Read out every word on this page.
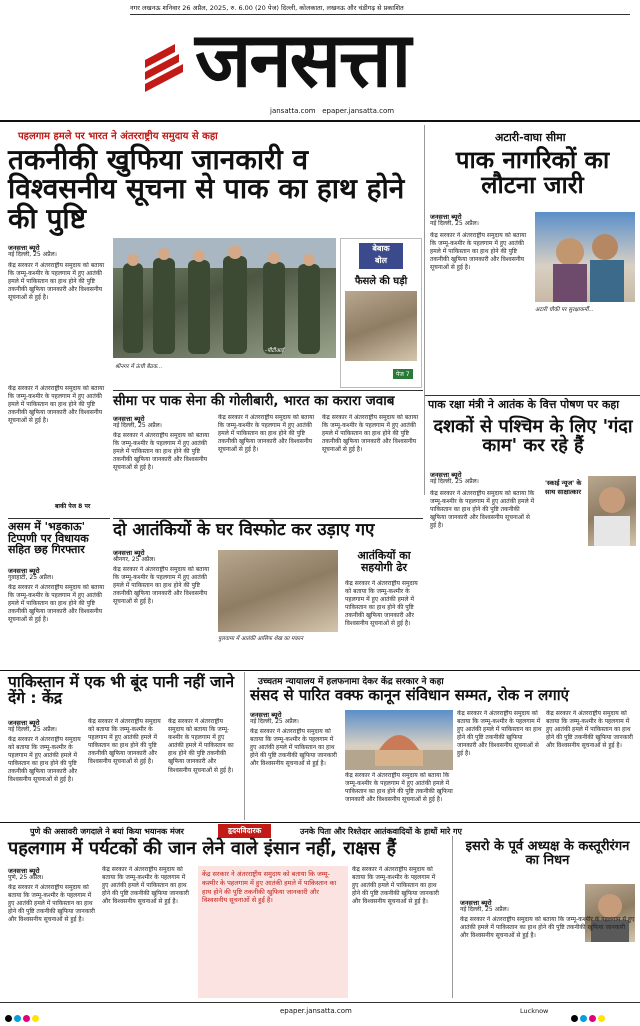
नगर लखनऊ शनिवार 26 अप्रैल, 2025, रु. 6.00 (20 पेज) दिल्ली, कोलकाता, लखनऊ और चंडीगढ़ से प्रकाशित
जनसत्ता
jansatta.com epaper.jansatta.com
पहलगाम हमले पर भारत ने अंतरराष्ट्रीय समुदाय से कहा
तकनीकी खुफिया जानकारी व विश्वसनीय सूचना से पाक का हाथ होने की पुष्टि
जनसत्ता ब्यूरो
नई दिल्ली, 25 अप्रैल।
केंद्र सरकार ने अंतरराष्ट्रीय समुदाय को बताया कि जम्मू-कश्मीर के पहलगाम में हुए आतंकी हमले में पाकिस्तान का हाथ होने की पुष्टि तकनीकी खुफिया जानकारी और विश्वसनीय सूचनाओं से हुई है।
केंद्र सरकार ने अंतरराष्ट्रीय समुदाय को बताया कि जम्मू-कश्मीर के पहलगाम में हुए आतंकी हमले में पाकिस्तान का हाथ होने की पुष्टि तकनीकी खुफिया जानकारी और विश्वसनीय सूचनाओं से हुई है।
बाकी पेज 8 पर
-पीटीआई
श्रीनगर में ऊंची बैठक...
बेबाक
बोल
फैसले की घड़ी
पेज 7
अटारी-वाघा सीमा
पाक नागरिकों का लौटना जारी
जनसत्ता ब्यूरो
नई दिल्ली, 25 अप्रैल।
केंद्र सरकार ने अंतरराष्ट्रीय समुदाय को बताया कि जम्मू-कश्मीर के पहलगाम में हुए आतंकी हमले में पाकिस्तान का हाथ होने की पुष्टि तकनीकी खुफिया जानकारी और विश्वसनीय सूचनाओं से हुई है।
अटारी चौकी पर सुरक्षाकर्मी...
सीमा पर पाक सेना की गोलीबारी, भारत का करारा जवाब
जनसत्ता ब्यूरो
नई दिल्ली, 25 अप्रैल।
केंद्र सरकार ने अंतरराष्ट्रीय समुदाय को बताया कि जम्मू-कश्मीर के पहलगाम में हुए आतंकी हमले में पाकिस्तान का हाथ होने की पुष्टि तकनीकी खुफिया जानकारी और विश्वसनीय सूचनाओं से हुई है।
केंद्र सरकार ने अंतरराष्ट्रीय समुदाय को बताया कि जम्मू-कश्मीर के पहलगाम में हुए आतंकी हमले में पाकिस्तान का हाथ होने की पुष्टि तकनीकी खुफिया जानकारी और विश्वसनीय सूचनाओं से हुई है।
केंद्र सरकार ने अंतरराष्ट्रीय समुदाय को बताया कि जम्मू-कश्मीर के पहलगाम में हुए आतंकी हमले में पाकिस्तान का हाथ होने की पुष्टि तकनीकी खुफिया जानकारी और विश्वसनीय सूचनाओं से हुई है।
पाक रक्षा मंत्री ने आतंक के वित्त पोषण पर कहा
दशकों से पश्चिम के लिए 'गंदा काम' कर रहे हैं
जनसत्ता ब्यूरो
नई दिल्ली, 25 अप्रैल।
केंद्र सरकार ने अंतरराष्ट्रीय समुदाय को बताया कि जम्मू-कश्मीर के पहलगाम में हुए आतंकी हमले में पाकिस्तान का हाथ होने की पुष्टि तकनीकी खुफिया जानकारी और विश्वसनीय सूचनाओं से हुई है।
'स्काई न्यूज' के साथ साक्षात्कार
असम में 'भड़काऊ' टिप्पणी पर विधायक सहित छह गिरफ्तार
जनसत्ता ब्यूरो
गुवाहाटी, 25 अप्रैल।
केंद्र सरकार ने अंतरराष्ट्रीय समुदाय को बताया कि जम्मू-कश्मीर के पहलगाम में हुए आतंकी हमले में पाकिस्तान का हाथ होने की पुष्टि तकनीकी खुफिया जानकारी और विश्वसनीय सूचनाओं से हुई है।
दो आतंकियों के घर विस्फोट कर उड़ाए गए
जनसत्ता ब्यूरो
श्रीनगर, 25 अप्रैल।
केंद्र सरकार ने अंतरराष्ट्रीय समुदाय को बताया कि जम्मू-कश्मीर के पहलगाम में हुए आतंकी हमले में पाकिस्तान का हाथ होने की पुष्टि तकनीकी खुफिया जानकारी और विश्वसनीय सूचनाओं से हुई है।
पुलवामा में आतंकी आसिफ शेख का मकान
आतंकियों का सहयोगी ढेर
केंद्र सरकार ने अंतरराष्ट्रीय समुदाय को बताया कि जम्मू-कश्मीर के पहलगाम में हुए आतंकी हमले में पाकिस्तान का हाथ होने की पुष्टि तकनीकी खुफिया जानकारी और विश्वसनीय सूचनाओं से हुई है।
पाकिस्तान में एक भी बूंद पानी नहीं जाने देंगे : केंद्र
जनसत्ता ब्यूरो
नई दिल्ली, 25 अप्रैल।
केंद्र सरकार ने अंतरराष्ट्रीय समुदाय को बताया कि जम्मू-कश्मीर के पहलगाम में हुए आतंकी हमले में पाकिस्तान का हाथ होने की पुष्टि तकनीकी खुफिया जानकारी और विश्वसनीय सूचनाओं से हुई है।
केंद्र सरकार ने अंतरराष्ट्रीय समुदाय को बताया कि जम्मू-कश्मीर के पहलगाम में हुए आतंकी हमले में पाकिस्तान का हाथ होने की पुष्टि तकनीकी खुफिया जानकारी और विश्वसनीय सूचनाओं से हुई है।
केंद्र सरकार ने अंतरराष्ट्रीय समुदाय को बताया कि जम्मू-कश्मीर के पहलगाम में हुए आतंकी हमले में पाकिस्तान का हाथ होने की पुष्टि तकनीकी खुफिया जानकारी और विश्वसनीय सूचनाओं से हुई है।
उच्चतम न्यायालय में हलफनामा देकर केंद्र सरकार ने कहा
संसद से पारित वक्फ कानून संविधान सम्मत, रोक न लगाएं
जनसत्ता ब्यूरो
नई दिल्ली, 25 अप्रैल।
केंद्र सरकार ने अंतरराष्ट्रीय समुदाय को बताया कि जम्मू-कश्मीर के पहलगाम में हुए आतंकी हमले में पाकिस्तान का हाथ होने की पुष्टि तकनीकी खुफिया जानकारी और विश्वसनीय सूचनाओं से हुई है।
केंद्र सरकार ने अंतरराष्ट्रीय समुदाय को बताया कि जम्मू-कश्मीर के पहलगाम में हुए आतंकी हमले में पाकिस्तान का हाथ होने की पुष्टि तकनीकी खुफिया जानकारी और विश्वसनीय सूचनाओं से हुई है।
केंद्र सरकार ने अंतरराष्ट्रीय समुदाय को बताया कि जम्मू-कश्मीर के पहलगाम में हुए आतंकी हमले में पाकिस्तान का हाथ होने की पुष्टि तकनीकी खुफिया जानकारी और विश्वसनीय सूचनाओं से हुई है।
केंद्र सरकार ने अंतरराष्ट्रीय समुदाय को बताया कि जम्मू-कश्मीर के पहलगाम में हुए आतंकी हमले में पाकिस्तान का हाथ होने की पुष्टि तकनीकी खुफिया जानकारी और विश्वसनीय सूचनाओं से हुई है।
पुणे की असावरी जगदाले ने बयां किया भयानक मंजर	हृदयविदारक	उनके पिता और रिश्तेदार आतंकवादियों के हाथों मारे गए
पहलगाम में पर्यटकों की जान लेने वाले इंसान नहीं, राक्षस हैं
जनसत्ता ब्यूरो
पुणे, 25 अप्रैल।
केंद्र सरकार ने अंतरराष्ट्रीय समुदाय को बताया कि जम्मू-कश्मीर के पहलगाम में हुए आतंकी हमले में पाकिस्तान का हाथ होने की पुष्टि तकनीकी खुफिया जानकारी और विश्वसनीय सूचनाओं से हुई है।
केंद्र सरकार ने अंतरराष्ट्रीय समुदाय को बताया कि जम्मू-कश्मीर के पहलगाम में हुए आतंकी हमले में पाकिस्तान का हाथ होने की पुष्टि तकनीकी खुफिया जानकारी और विश्वसनीय सूचनाओं से हुई है।
केंद्र सरकार ने अंतरराष्ट्रीय समुदाय को बताया कि जम्मू-कश्मीर के पहलगाम में हुए आतंकी हमले में पाकिस्तान का हाथ होने की पुष्टि तकनीकी खुफिया जानकारी और विश्वसनीय सूचनाओं से हुई है।
केंद्र सरकार ने अंतरराष्ट्रीय समुदाय को बताया कि जम्मू-कश्मीर के पहलगाम में हुए आतंकी हमले में पाकिस्तान का हाथ होने की पुष्टि तकनीकी खुफिया जानकारी और विश्वसनीय सूचनाओं से हुई है।
इसरो के पूर्व अध्यक्ष के कस्तूरीरंगन का निधन
जनसत्ता ब्यूरो
नई दिल्ली, 25 अप्रैल।
केंद्र सरकार ने अंतरराष्ट्रीय समुदाय को बताया कि जम्मू-कश्मीर के पहलगाम में हुए आतंकी हमले में पाकिस्तान का हाथ होने की पुष्टि तकनीकी खुफिया जानकारी और विश्वसनीय सूचनाओं से हुई है।
epaper.jansatta.com	Lucknow
